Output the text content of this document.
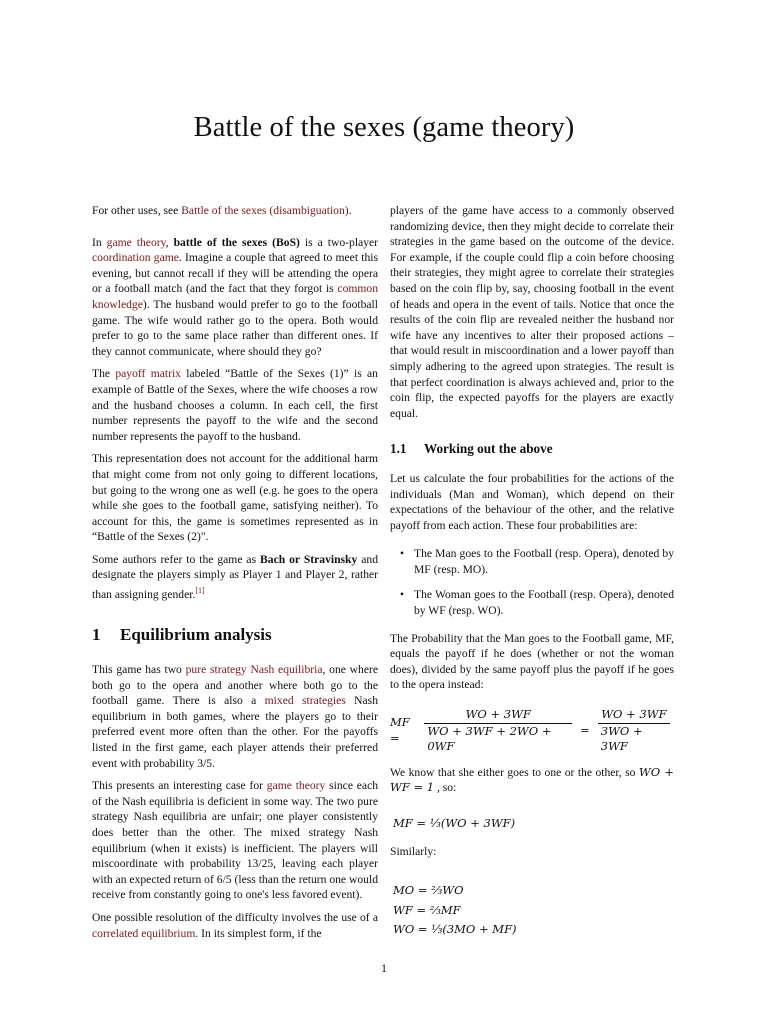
Battle of the sexes (game theory)

For other uses, see Battle of the sexes (disambiguation).

In game theory, battle of the sexes (BoS) is a two-player coordination game. Imagine a couple that agreed to meet this evening, but cannot recall if they will be attending the opera or a football match (and the fact that they forgot is common knowledge). The husband would prefer to go to the football game. The wife would rather go to the opera. Both would prefer to go to the same place rather than different ones. If they cannot communicate, where should they go?

The payoff matrix labeled “Battle of the Sexes (1)” is an example of Battle of the Sexes, where the wife chooses a row and the husband chooses a column. In each cell, the first number represents the payoff to the wife and the second number represents the payoff to the husband.

This representation does not account for the additional harm that might come from not only going to different locations, but going to the wrong one as well (e.g. he goes to the opera while she goes to the football game, satisfying neither). To account for this, the game is sometimes represented as in “Battle of the Sexes (2)".

Some authors refer to the game as Bach or Stravinsky and designate the players simply as Player 1 and Player 2, rather than assigning gender.[1]

1 Equilibrium analysis

This game has two pure strategy Nash equilibria, one where both go to the opera and another where both go to the football game. There is also a mixed strategies Nash equilibrium in both games, where the players go to their preferred event more often than the other. For the payoffs listed in the first game, each player attends their preferred event with probability 3/5.

This presents an interesting case for game theory since each of the Nash equilibria is deficient in some way. The two pure strategy Nash equilibria are unfair; one player consistently does better than the other. The mixed strategy Nash equilibrium (when it exists) is inefficient. The players will miscoordinate with probability 13/25, leaving each player with an expected return of 6/5 (less than the return one would receive from constantly going to one's less favored event).

One possible resolution of the difficulty involves the use of a correlated equilibrium. In its simplest form, if the

players of the game have access to a commonly observed randomizing device, then they might decide to correlate their strategies in the game based on the outcome of the device. For example, if the couple could flip a coin before choosing their strategies, they might agree to correlate their strategies based on the coin flip by, say, choosing football in the event of heads and opera in the event of tails. Notice that once the results of the coin flip are revealed neither the husband nor wife have any incentives to alter their proposed actions – that would result in miscoordination and a lower payoff than simply adhering to the agreed upon strategies. The result is that perfect coordination is always achieved and, prior to the coin flip, the expected payoffs for the players are exactly equal.

1.1 Working out the above

Let us calculate the four probabilities for the actions of the individuals (Man and Woman), which depend on their expectations of the behaviour of the other, and the relative payoff from each action. These four probabilities are:

• The Man goes to the Football (resp. Opera), denoted by MF (resp. MO).
• The Woman goes to the Football (resp. Opera), denoted by WF (resp. WO).

The Probability that the Man goes to the Football game, MF, equals the payoff if he does (whether or not the woman does), divided by the same payoff plus the payoff if he goes to the opera instead:

MF =	$\frac{WO + 3WF}{WO + 3WF + 2WO + 0WF} = \frac{WO + 3WF}{3WO + 3WF}$

We know that she either goes to one or the other, so WO + WF = 1 , so:

MF = ⅓(WO + 3WF)

Similarly:

MO = ⅔WO
WF = ⅔MF
WO = ⅓(3MO + MF)
1
